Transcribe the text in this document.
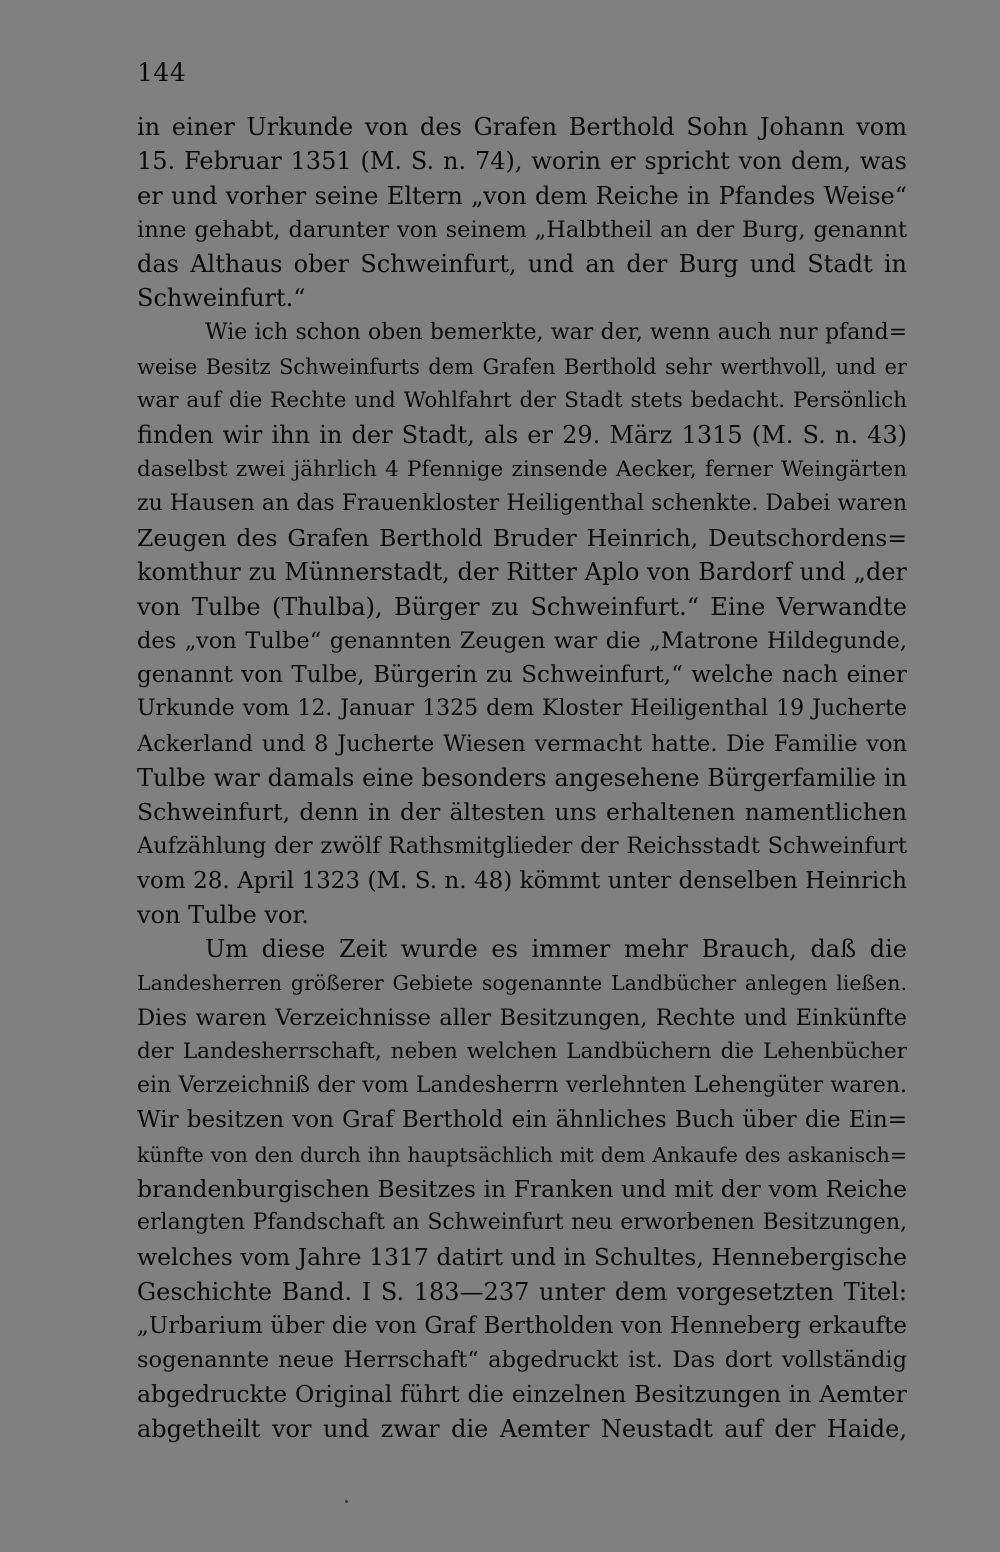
144
in einer Urkunde von des Grafen Berthold Sohn Johann vom
15. Februar 1351 (M. S. n. 74), worin er spricht von dem, was
er und vorher seine Eltern „von dem Reiche in Pfandes Weise“
inne gehabt, darunter von seinem „Halbtheil an der Burg, genannt
das Althaus ober Schweinfurt, und an der Burg und Stadt in
Schweinfurt.“
Wie ich schon oben bemerkte, war der, wenn auch nur pfand=
weise Besitz Schweinfurts dem Grafen Berthold sehr werthvoll, und er
war auf die Rechte und Wohlfahrt der Stadt stets bedacht. Persönlich
finden wir ihn in der Stadt, als er 29. März 1315 (M. S. n. 43)
daselbst zwei jährlich 4 Pfennige zinsende Aecker, ferner Weingärten
zu Hausen an das Frauenkloster Heiligenthal schenkte. Dabei waren
Zeugen des Grafen Berthold Bruder Heinrich, Deutschordens=
komthur zu Münnerstadt, der Ritter Aplo von Bardorf und „der
von Tulbe (Thulba), Bürger zu Schweinfurt.“ Eine Verwandte
des „von Tulbe“ genannten Zeugen war die „Matrone Hildegunde,
genannt von Tulbe, Bürgerin zu Schweinfurt,“ welche nach einer
Urkunde vom 12. Januar 1325 dem Kloster Heiligenthal 19 Jucherte
Ackerland und 8 Jucherte Wiesen vermacht hatte. Die Familie von
Tulbe war damals eine besonders angesehene Bürgerfamilie in
Schweinfurt, denn in der ältesten uns erhaltenen namentlichen
Aufzählung der zwölf Rathsmitglieder der Reichsstadt Schweinfurt
vom 28. April 1323 (M. S. n. 48) kömmt unter denselben Heinrich
von Tulbe vor.
Um diese Zeit wurde es immer mehr Brauch, daß die
Landesherren größerer Gebiete sogenannte Landbücher anlegen ließen.
Dies waren Verzeichnisse aller Besitzungen, Rechte und Einkünfte
der Landesherrschaft, neben welchen Landbüchern die Lehenbücher
ein Verzeichniß der vom Landesherrn verlehnten Lehengüter waren.
Wir besitzen von Graf Berthold ein ähnliches Buch über die Ein=
künfte von den durch ihn hauptsächlich mit dem Ankaufe des askanisch=
brandenburgischen Besitzes in Franken und mit der vom Reiche
erlangten Pfandschaft an Schweinfurt neu erworbenen Besitzungen,
welches vom Jahre 1317 datirt und in Schultes, Hennebergische
Geschichte Band. I S. 183—237 unter dem vorgesetzten Titel:
„Urbarium über die von Graf Bertholden von Henneberg erkaufte
sogenannte neue Herrschaft“ abgedruckt ist. Das dort vollständig
abgedruckte Original führt die einzelnen Besitzungen in Aemter
abgetheilt vor und zwar die Aemter Neustadt auf der Haide,
